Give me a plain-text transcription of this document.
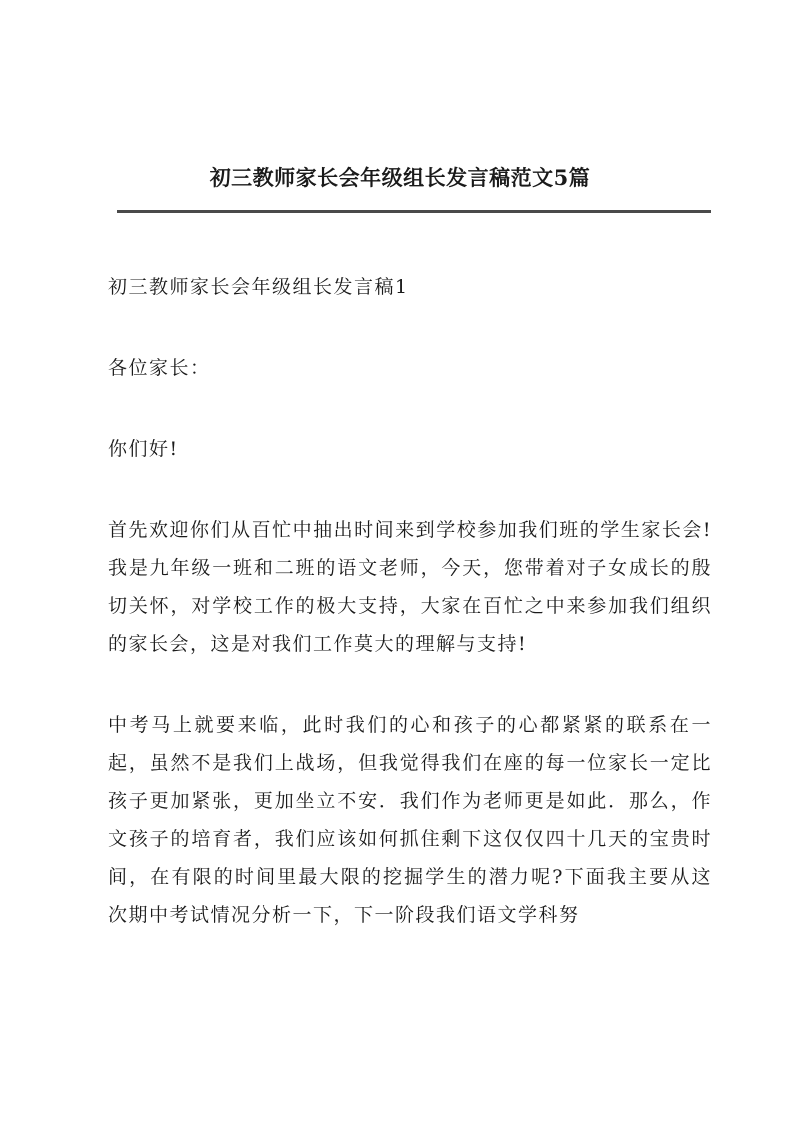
初三教师家长会年级组长发言稿范文5篇

初三教师家长会年级组长发言稿1

各位家长：

你们好!

首先欢迎你们从百忙中抽出时间来到学校参加我们班的学生家长会!我是九年级一班和二班的语文老师，今天，您带着对子女成长的殷切关怀，对学校工作的极大支持，大家在百忙之中来参加我们组织的家长会，这是对我们工作莫大的理解与支持!

中考马上就要来临，此时我们的心和孩子的心都紧紧的联系在一起，虽然不是我们上战场，但我觉得我们在座的每一位家长一定比孩子更加紧张，更加坐立不安．我们作为老师更是如此．那么，作文孩子的培育者，我们应该如何抓住剩下这仅仅四十几天的宝贵时间，在有限的时间里最大限的挖掘学生的潜力呢?下面我主要从这次期中考试情况分析一下，下一阶段我们语文学科努
